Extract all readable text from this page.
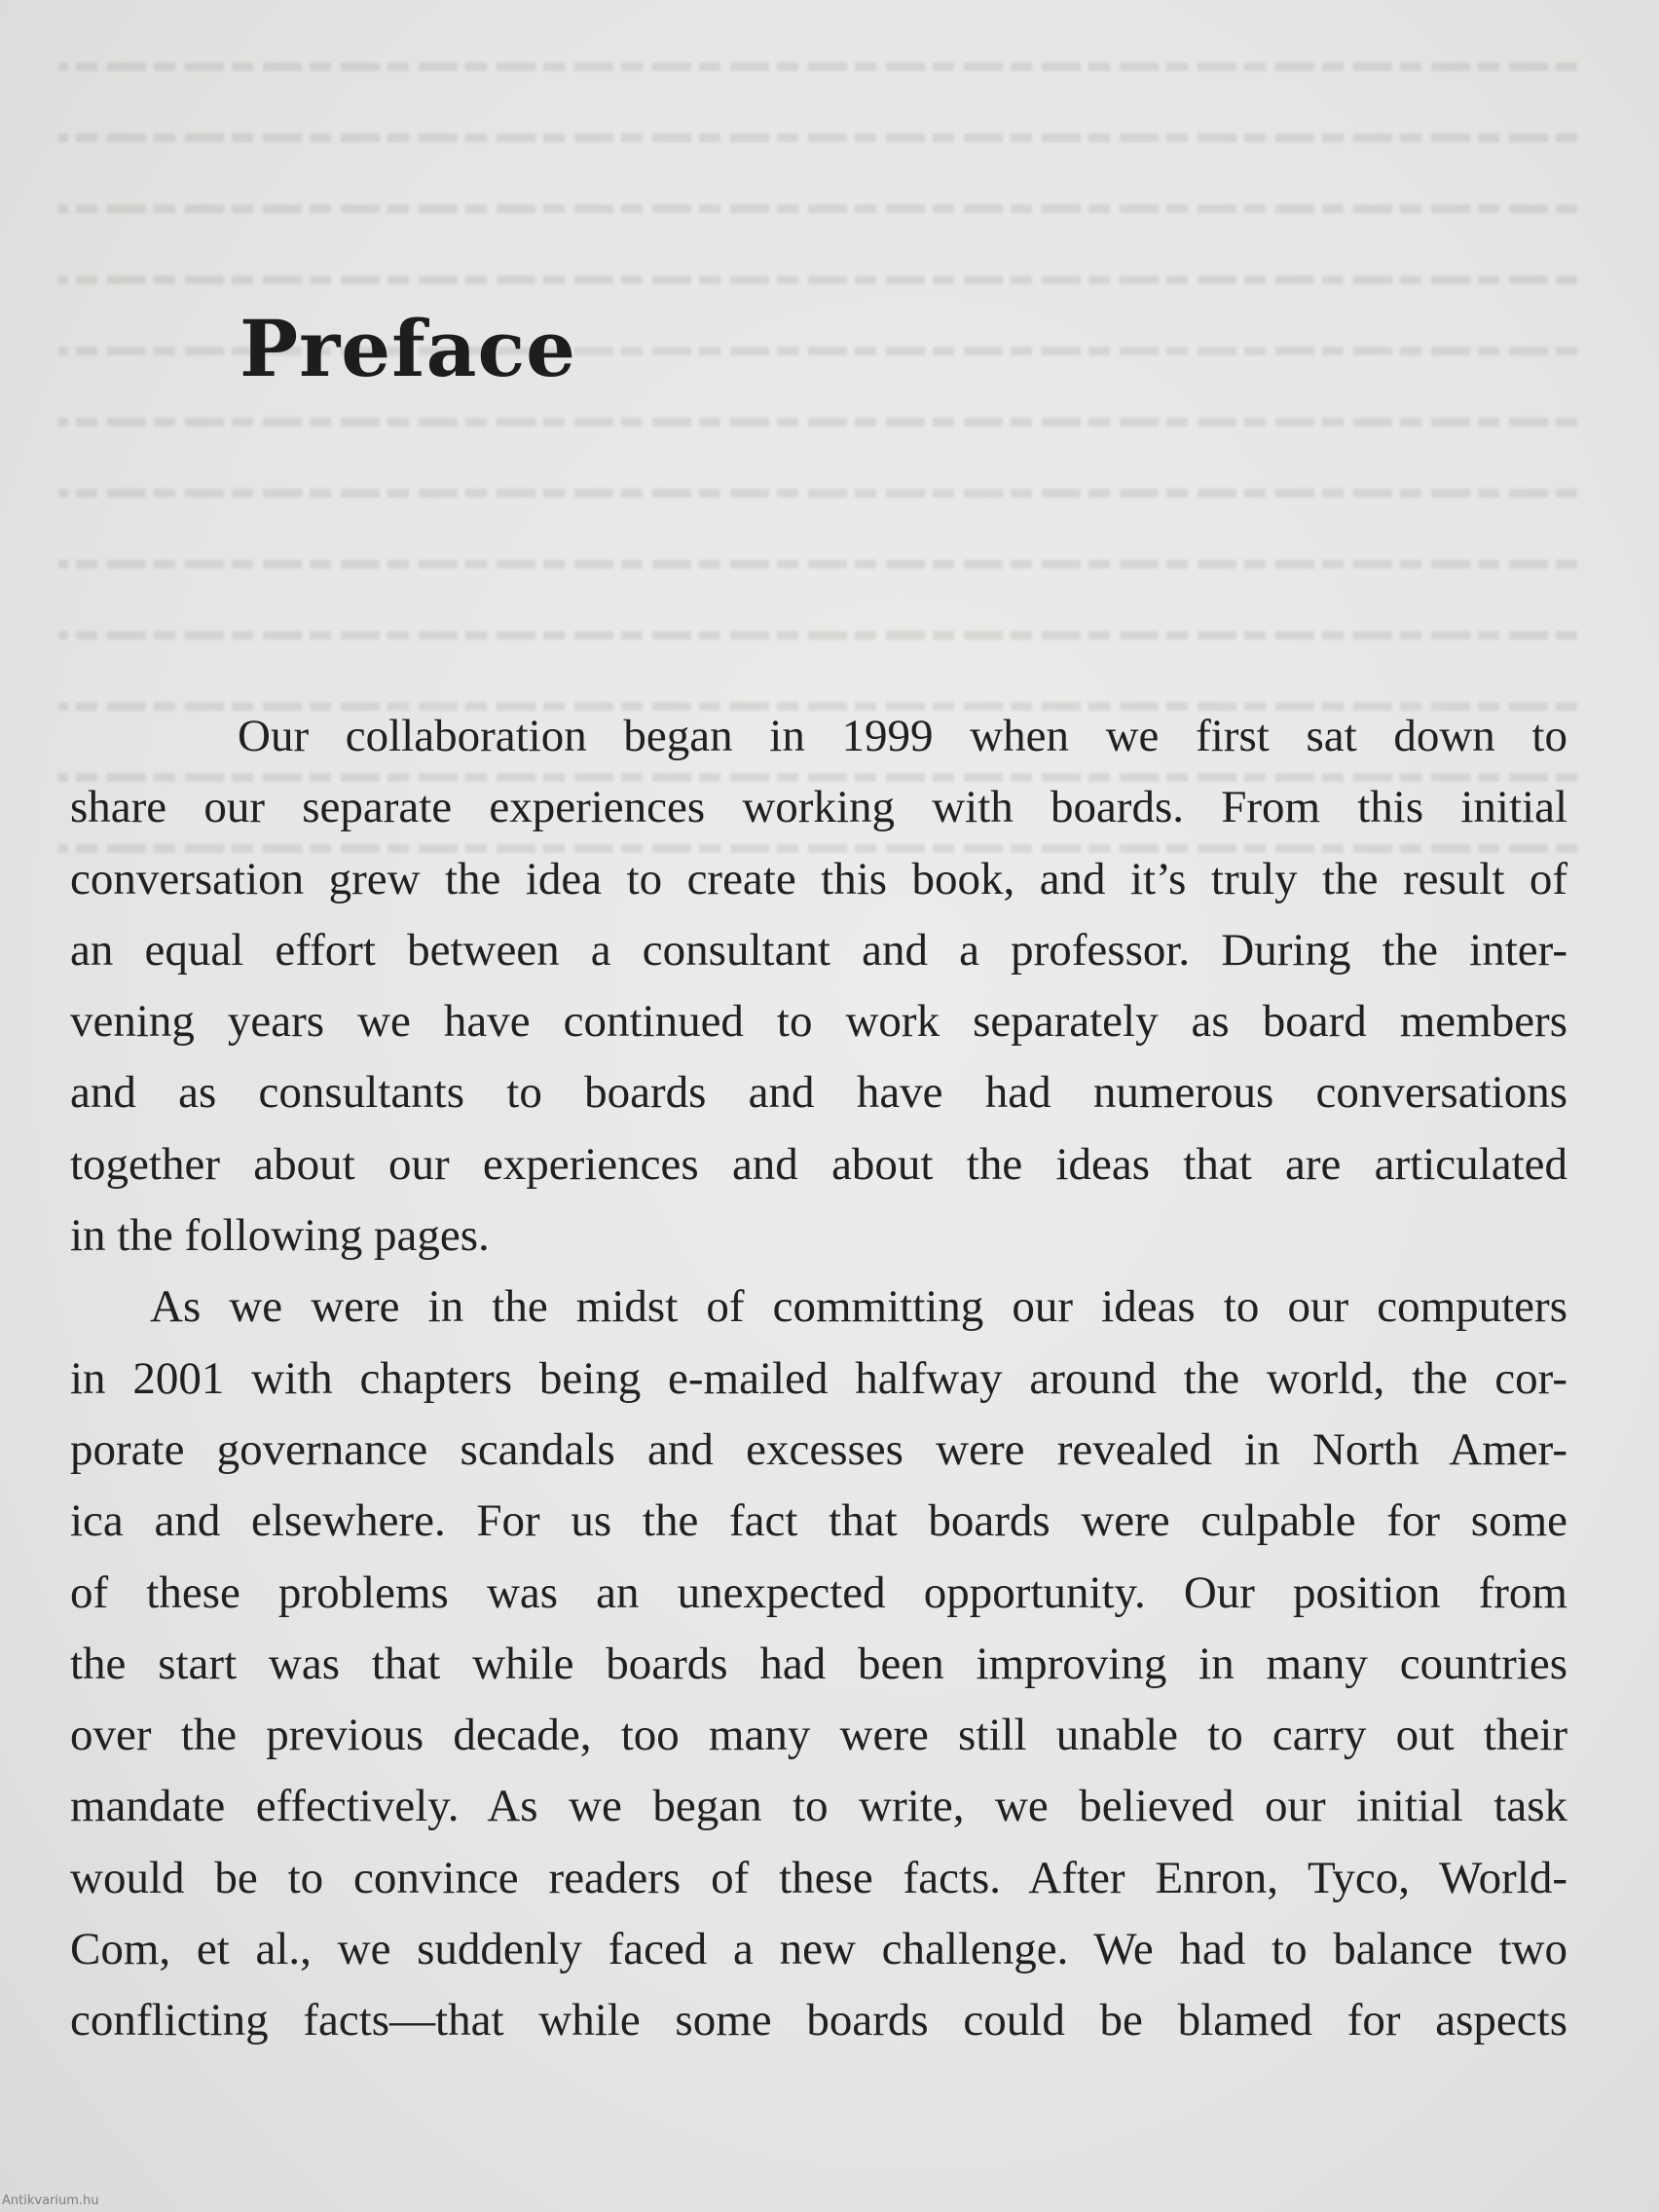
Preface

Our collaboration began in 1999 when we first sat down to
share our separate experiences working with boards. From this initial
conversation grew the idea to create this book, and it’s truly the result of
an equal effort between a consultant and a professor. During the inter-
vening years we have continued to work separately as board members
and as consultants to boards and have had numerous conversations
together about our experiences and about the ideas that are articulated
in the following pages.

As we were in the midst of committing our ideas to our computers
in 2001 with chapters being e-mailed halfway around the world, the cor-
porate governance scandals and excesses were revealed in North Amer-
ica and elsewhere. For us the fact that boards were culpable for some
of these problems was an unexpected opportunity. Our position from
the start was that while boards had been improving in many countries
over the previous decade, too many were still unable to carry out their
mandate effectively. As we began to write, we believed our initial task
would be to convince readers of these facts. After Enron, Tyco, World-
Com, et al., we suddenly faced a new challenge. We had to balance two
conflicting facts—that while some boards could be blamed for aspects

Antikvarium.hu
